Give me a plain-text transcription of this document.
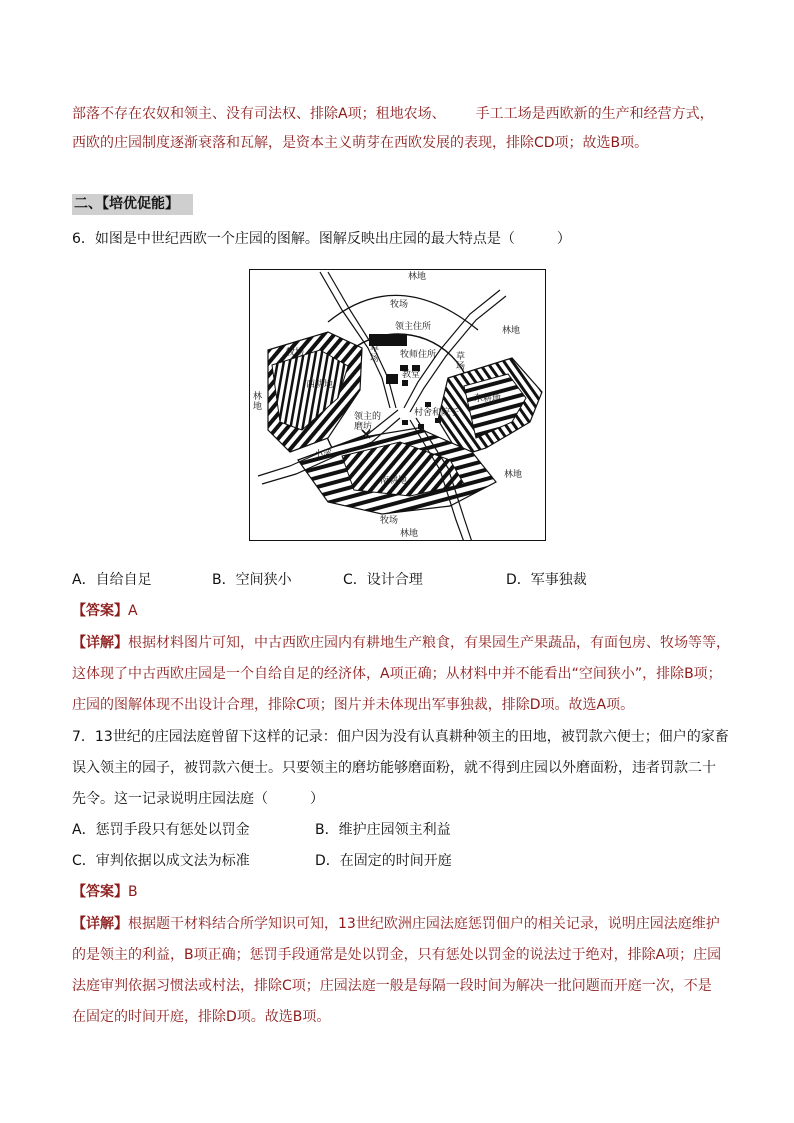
部落不存在农奴和领主、没有司法权、排除A项；租地农场、 手工工场是西欧新的生产和经营方式，
西欧的庄园制度逐渐衰落和瓦解，是资本主义萌芽在西欧发展的表现，排除CD项；故选B项。
二、【培优促能】
6．如图是中世纪西欧一个庄园的图解。图解反映出庄园的最大特点是（　　　）
林地
牧场
领主住所
草场	草场
牧师住所
林地
牧场
教堂
西耕地
东耕地
林地
村舍和院子
领主的磨坊
小溪
林地
南耕地
牧场
林地
A．自给自足	B．空间狭小	C．设计合理	D．军事独裁
【答案】A
【详解】根据材料图片可知，中古西欧庄园内有耕地生产粮食，有果园生产果蔬品，有面包房、牧场等等，
这体现了中古西欧庄园是一个自给自足的经济体，A项正确；从材料中并不能看出“空间狭小”，排除B项；
庄园的图解体现不出设计合理，排除C项；图片并未体现出军事独裁，排除D项。故选A项。
7．13世纪的庄园法庭曾留下这样的记录：佃户因为没有认真耕种领主的田地，被罚款六便士；佃户的家畜
误入领主的园子，被罚款六便士。只要领主的磨坊能够磨面粉，就不得到庄园以外磨面粉，违者罚款二十
先令。这一记录说明庄园法庭（　　　）
A．惩罚手段只有惩处以罚金	B．维护庄园领主利益
C．审判依据以成文法为标准	D．在固定的时间开庭
【答案】B
【详解】根据题干材料结合所学知识可知，13世纪欧洲庄园法庭惩罚佃户的相关记录，说明庄园法庭维护
的是领主的利益，B项正确；惩罚手段通常是处以罚金，只有惩处以罚金的说法过于绝对，排除A项；庄园
法庭审判依据习惯法或村法，排除C项；庄园法庭一般是每隔一段时间为解决一批问题而开庭一次，不是
在固定的时间开庭，排除D项。故选B项。
